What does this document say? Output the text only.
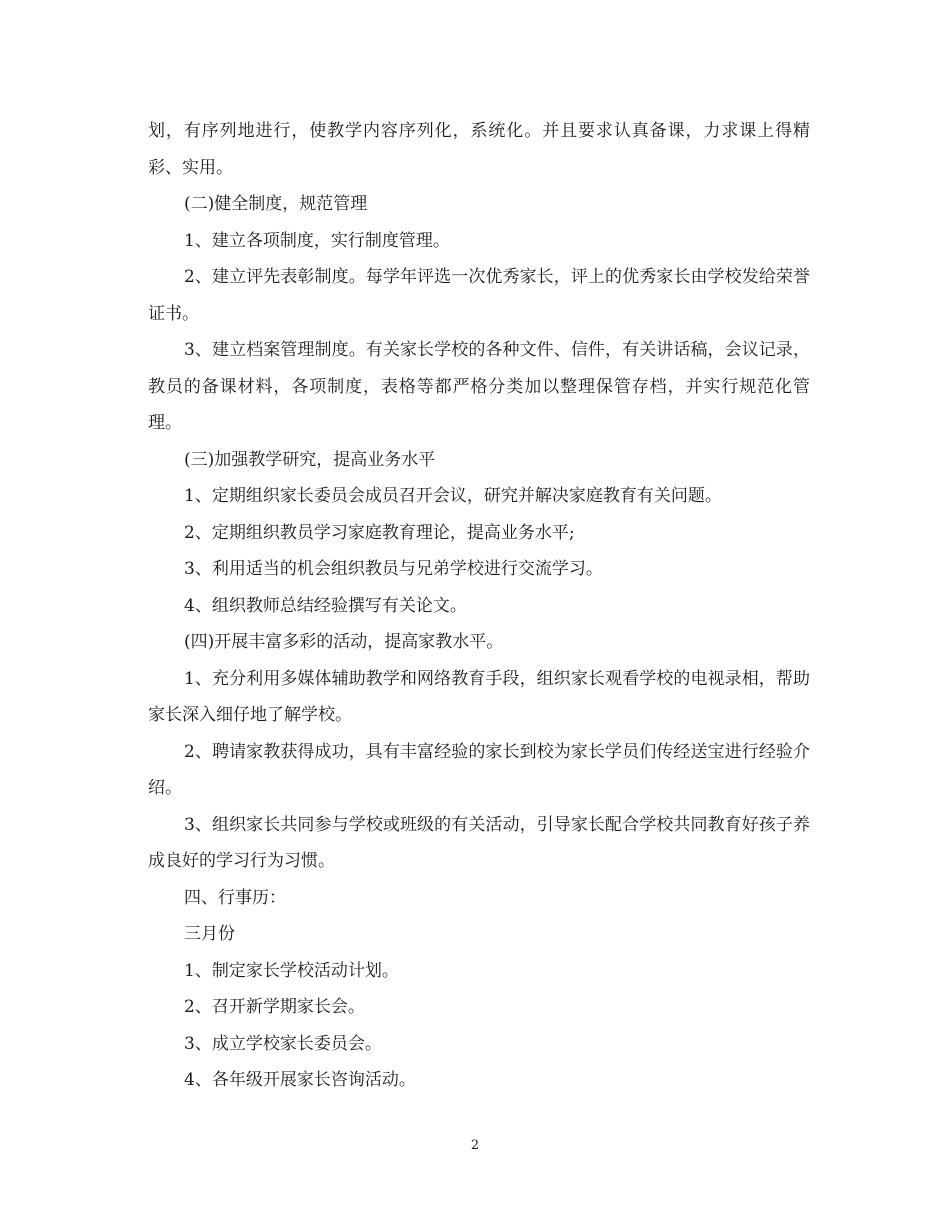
划，有序列地进行，使教学内容序列化，系统化。并且要求认真备课，力求课上得精彩、实用。

(二)健全制度，规范管理

1、建立各项制度，实行制度管理。

2、建立评先表彰制度。每学年评选一次优秀家长，评上的优秀家长由学校发给荣誉证书。

3、建立档案管理制度。有关家长学校的各种文件、信件，有关讲话稿，会议记录，教员的备课材料，各项制度，表格等都严格分类加以整理保管存档，并实行规范化管理。

(三)加强教学研究，提高业务水平

1、定期组织家长委员会成员召开会议，研究并解决家庭教育有关问题。

2、定期组织教员学习家庭教育理论，提高业务水平;

3、利用适当的机会组织教员与兄弟学校进行交流学习。

4、组织教师总结经验撰写有关论文。

(四)开展丰富多彩的活动，提高家教水平。

1、充分利用多媒体辅助教学和网络教育手段，组织家长观看学校的电视录相，帮助家长深入细仔地了解学校。

2、聘请家教获得成功，具有丰富经验的家长到校为家长学员们传经送宝进行经验介绍。

3、组织家长共同参与学校或班级的有关活动，引导家长配合学校共同教育好孩子养成良好的学习行为习惯。

四、行事历：

三月份

1、制定家长学校活动计划。

2、召开新学期家长会。

3、成立学校家长委员会。

4、各年级开展家长咨询活动。

2
